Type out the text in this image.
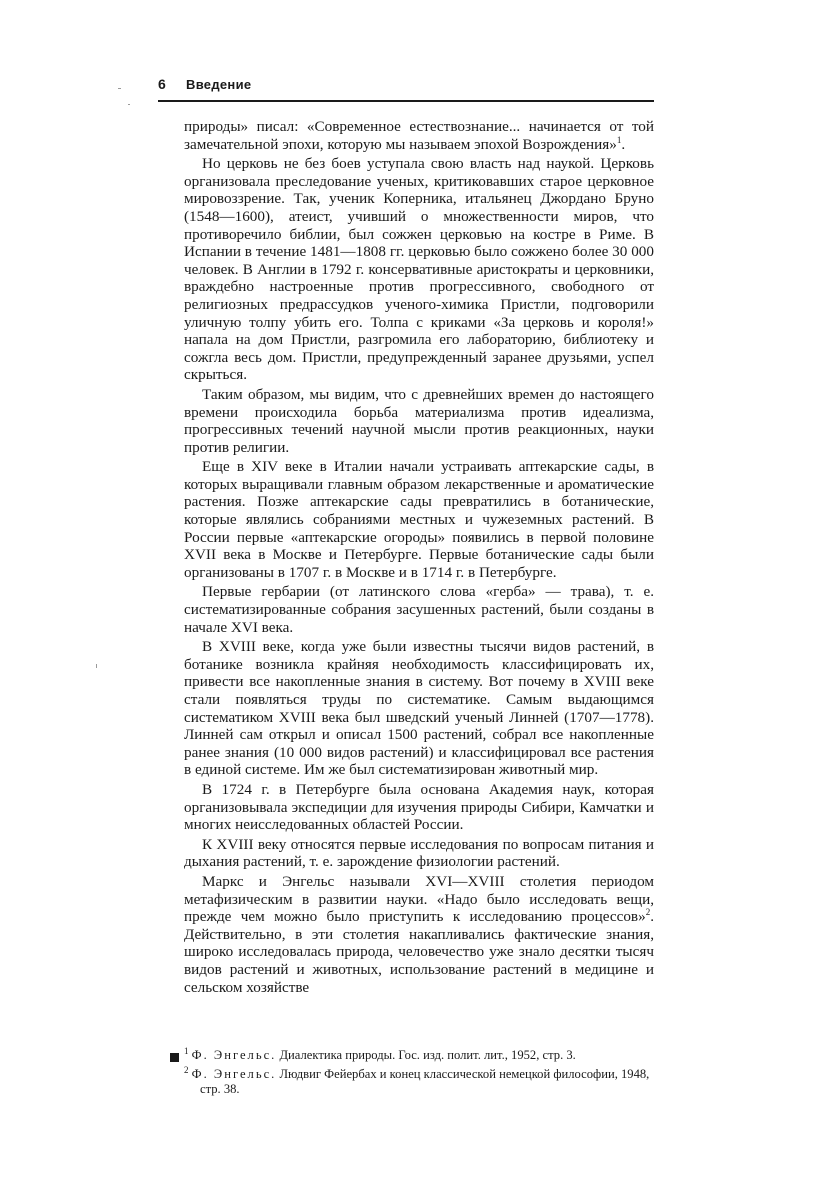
6 Введение

природы» писал: «Современное естествознание... начинается от той замечательной эпохи, которую мы называем эпохой Возрождения»$^1$.

Но церковь не без боев уступала свою власть над наукой. Церковь организовала преследование ученых, критиковавших старое церковное мировоззрение. Так, ученик Коперника, итальянец Джордано Бруно (1548—1600), атеист, учивший о множественности миров, что противоречило библии, был сожжен церковью на костре в Риме. В Испании в течение 1481—1808 гг. церковью было сожжено более 30 000 человек. В Англии в 1792 г. консервативные аристократы и церковники, враждебно настроенные против прогрессивного, свободного от религиозных предрассудков ученого-химика Пристли, подговорили уличную толпу убить его. Толпа с криками «За церковь и короля!» напала на дом Пристли, разгромила его лабораторию, библиотеку и сожгла весь дом. Пристли, предупрежденный заранее друзьями, успел скрыться.

Таким образом, мы видим, что с древнейших времен до настоящего времени происходила борьба материализма против идеализма, прогрессивных течений научной мысли против реакционных, науки против религии.

Еще в XIV веке в Италии начали устраивать аптекарские сады, в которых выращивали главным образом лекарственные и ароматические растения. Позже аптекарские сады превратились в ботанические, которые являлись собраниями местных и чужеземных растений. В России первые «аптекарские огороды» появились в первой половине XVII века в Москве и Петербурге. Первые ботанические сады были организованы в 1707 г. в Москве и в 1714 г. в Петербурге.

Первые гербарии (от латинского слова «герба» — трава), т. е. систематизированные собрания засушенных растений, были созданы в начале XVI века.

В XVIII веке, когда уже были известны тысячи видов растений, в ботанике возникла крайняя необходимость классифицировать их, привести все накопленные знания в систему. Вот почему в XVIII веке стали появляться труды по систематике. Самым выдающимся систематиком XVIII века был шведский ученый Линней (1707—1778). Линней сам открыл и описал 1500 растений, собрал все накопленные ранее знания (10 000 видов растений) и классифицировал все растения в единой системе. Им же был систематизирован животный мир.

В 1724 г. в Петербурге была основана Академия наук, которая организовывала экспедиции для изучения природы Сибири, Камчатки и многих неисследованных областей России.

К XVIII веку относятся первые исследования по вопросам питания и дыхания растений, т. е. зарождение физиологии растений.

Маркс и Энгельс называли XVI—XVIII столетия периодом метафизическим в развитии науки. «Надо было исследовать вещи, прежде чем можно было приступить к исследованию процессов»$^2$. Действительно, в эти столетия накапливались фактические знания, широко исследовалась природа, человечество уже знало десятки тысяч видов растений и животных, использование растений в медицине и сельском хозяйстве

$^1$ Ф. Энгельс. Диалектика природы. Гос. изд. полит. лит., 1952, стр. 3.
$^2$ Ф. Энгельс. Людвиг Фейербах и конец классической немецкой философии, 1948, стр. 38.
